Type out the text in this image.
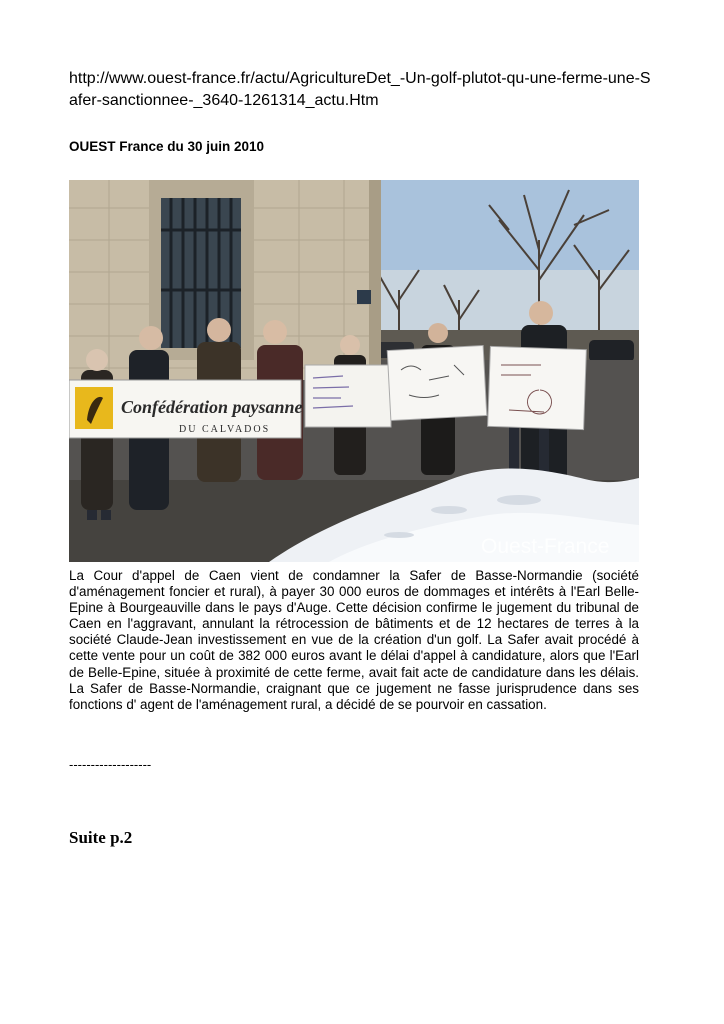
http://www.ouest-france.fr/actu/AgricultureDet_-Un-golf-plutot-qu-une-ferme-une-Safer-sanctionnee-_3640-1261314_actu.Htm
OUEST France du 30 juin 2010
Confédération paysanne
DU CALVADOS
Ouest-France
La Cour d'appel de Caen vient de condamner la Safer de Basse-Normandie (société d'aménagement foncier et rural), à payer 30 000 euros de dommages et intérêts à l'Earl Belle-Epine à Bourgeauville dans le pays d'Auge. Cette décision confirme le jugement du tribunal de Caen en l'aggravant, annulant la rétrocession de bâtiments et de 12 hectares de terres à la société Claude-Jean investissement en vue de la création d'un golf. La Safer avait procédé à cette vente pour un coût de 382 000 euros avant le délai d'appel à candidature, alors que l'Earl de Belle-Epine, située à proximité de cette ferme, avait fait acte de candidature dans les délais. La Safer de Basse-Normandie, craignant que ce jugement ne fasse jurisprudence dans ses fonctions d' agent de l'aménagement rural, a décidé de se pourvoir en cassation.
-------------------
Suite p.2
